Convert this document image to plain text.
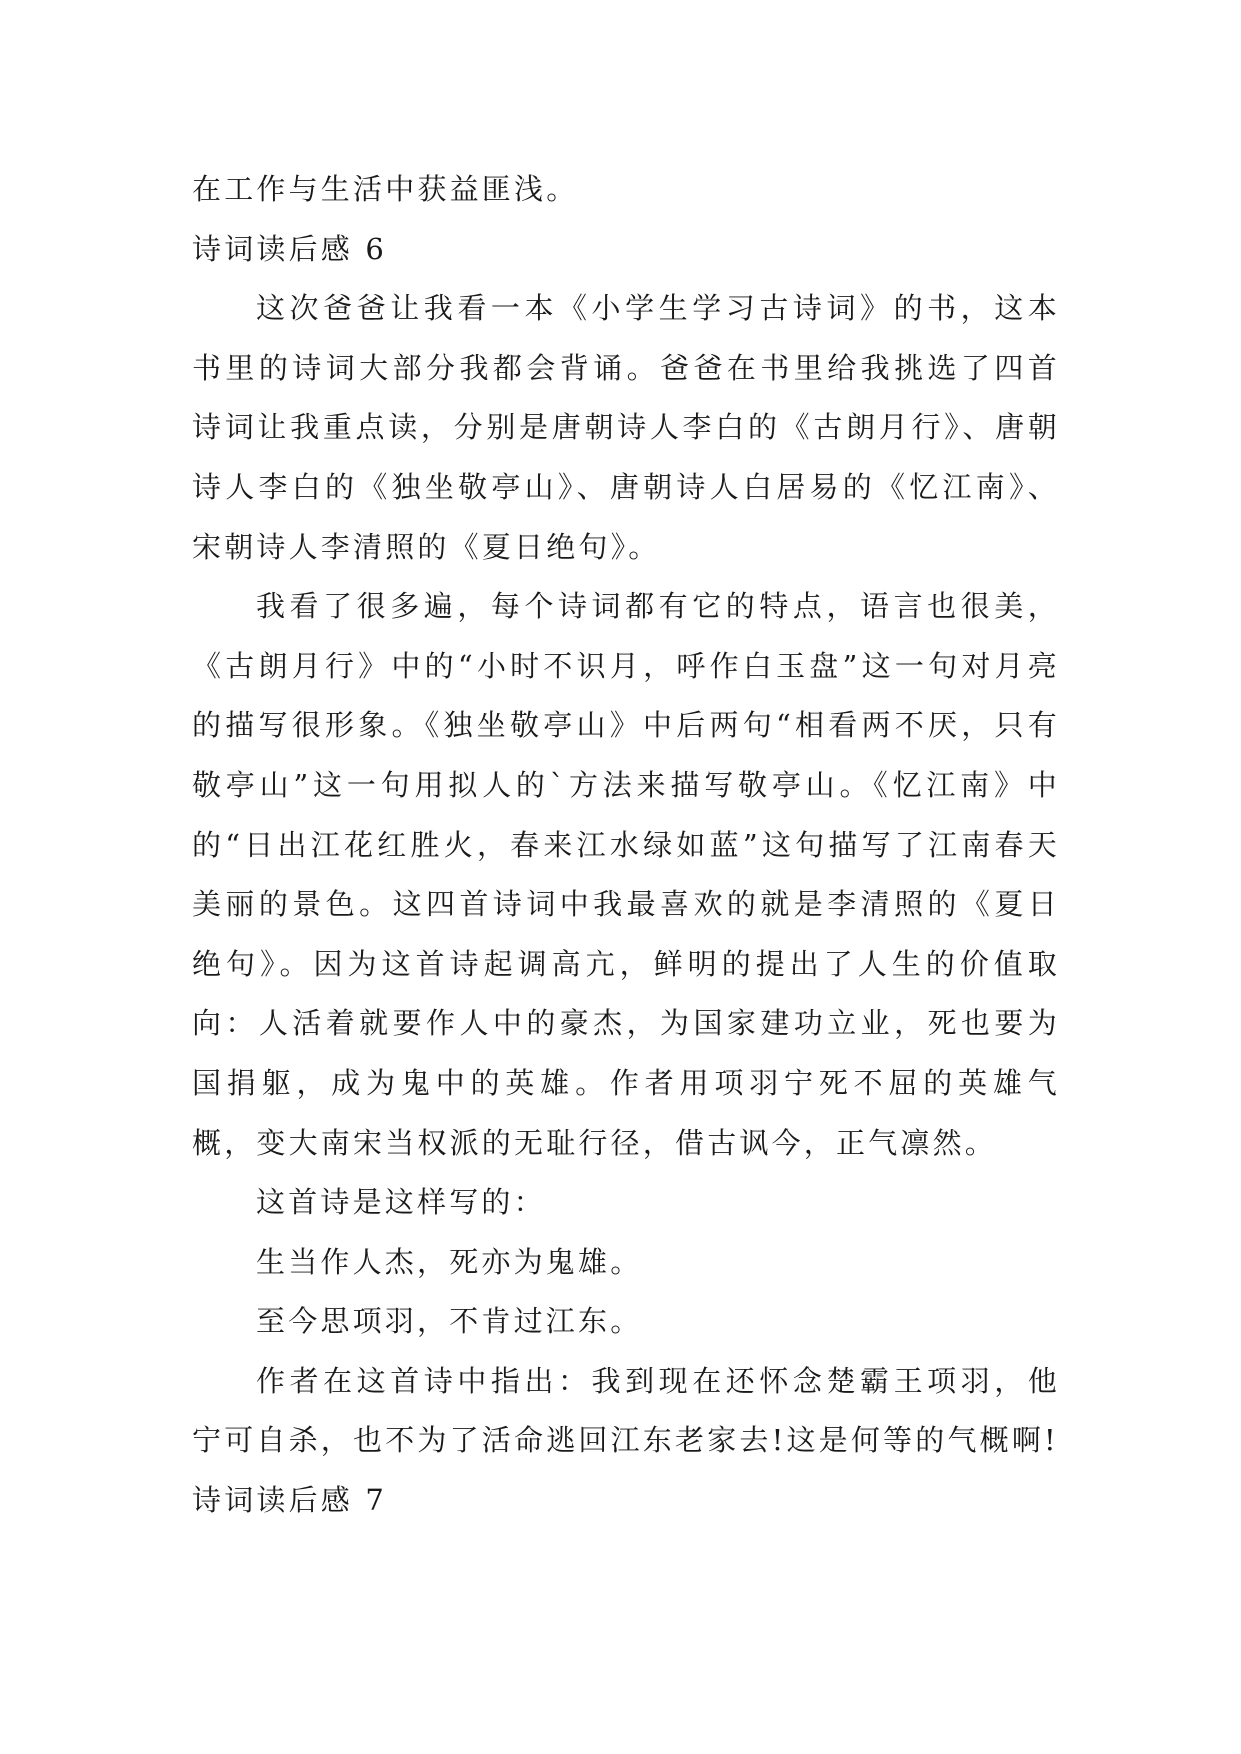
在工作与生活中获益匪浅。

诗词读后感 6

这次爸爸让我看一本《小学生学习古诗词》的书，这本书里的诗词大部分我都会背诵。爸爸在书里给我挑选了四首诗词让我重点读，分别是唐朝诗人李白的《古朗月行》、唐朝诗人李白的《独坐敬亭山》、唐朝诗人白居易的《忆江南》、宋朝诗人李清照的《夏日绝句》。

我看了很多遍，每个诗词都有它的特点，语言也很美，《古朗月行》中的“小时不识月，呼作白玉盘”这一句对月亮的描写很形象。《独坐敬亭山》中后两句“相看两不厌，只有敬亭山”这一句用拟人的`方法来描写敬亭山。《忆江南》中的“日出江花红胜火，春来江水绿如蓝”这句描写了江南春天美丽的景色。这四首诗词中我最喜欢的就是李清照的《夏日绝句》。因为这首诗起调高亢，鲜明的提出了人生的价值取向：人活着就要作人中的豪杰，为国家建功立业，死也要为国捐躯，成为鬼中的英雄。作者用项羽宁死不屈的英雄气概，变大南宋当权派的无耻行径，借古讽今，正气凛然。

这首诗是这样写的：

生当作人杰，死亦为鬼雄。

至今思项羽，不肯过江东。

作者在这首诗中指出：我到现在还怀念楚霸王项羽，他宁可自杀，也不为了活命逃回江东老家去!这是何等的气概啊!

诗词读后感 7
